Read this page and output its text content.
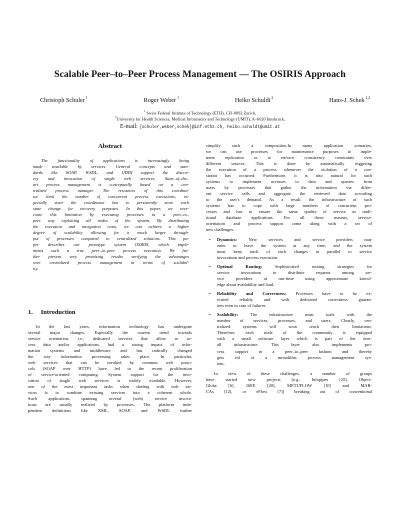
Scalable Peer–to–Peer Process Management — The OSIRIS Approach
Christoph Schuler$^1$	Roger Weber$^1$	Heiko Schuldt$^2$	Hans-J. Schek$^{1,2}$
$^1$ Swiss Federal Institute of Technology (ETH), CH–8092 Zurich,
$^2$University for Health Sciences, Medical Informatics and Technology (UMIT), A–6020 Innsbruck,
E-mail: {schuler,weber,schek}@inf.ethz.ch, heiko.schuldt@umit.at
Abstract
The functionality of applications is increasingly being
made available by services. General concepts and stan-
dards like SOAP, WSDL, and UDDI support the discov-
ery and invocation of single web services. State–of–the–
art process management is conceptually based on a cen-
tralized process manager. The resources of this coordina-
tor limit the number of concurrent process executions, es-
pecially since the coordinator has to persistently store each
state change for recovery purposes. In this paper, we over-
come this limitation by executing processes in a peer–to–
peer way exploiting all nodes of the system. By distributing
the execution and navigation costs, we can achieve a higher
degree of scalability allowing for a much larger through-
put of processes compared to centralized solutions. This pa-
per describes our prototype system OSIRIS, which imple-
ments such a true peer–to–peer process execution. We fur-
ther present very promising results verifying the advantages
over centralized process management in terms of scalabil-
ity.
1. Introduction
In the last years, information technology has undergone
several major changes. Especially the current trend towards
service orientation, i.e., dedicated services that allow to ac-
cess data and/or applications, had a strong impact of infor-
mation systems and middleware and has radically changed
the way information processing takes place. In particular,
web services that can be invoked by common web proto-
cols (SOAP over HTTP) have led to the recent proliferation
of service-oriented computing. System support for the invo-
cation of single web services is widely available. However,
one of the most important tasks when dealing with web ser-
vices is to combine existing services into a coherent whole.
Such applications spanning several (web) service invoca-
tions are usually realized by processes. The platform inde-
pendent definitions like XML, SOAP, and WSDL further
simplify such a composition.In many application scenarios,
we can use processes for maintenance purposes to imple-
ment replication or to enforce consistency constraints over
different sources. This is done by automatically triggering
the execution of a process whenever the violation of a con-
straint has occurred. Furthermore, it is also natural for such
systems to implement accesses to data and queries from
users by processes that gather the information via differ-
ent service calls and aggregate the retrieved data according
to the user's demand. As a result, the infrastructure of such
systems has to cope with large numbers of concurrent pro-
cesses and has to ensure the same quality of service as tradi-
tional database applications. For all these reasons, service-
orientation and process support come along with a set of
new challenges:
• Dynamics: New services and service providers may
enter or leave the system at any time, and the system
must keep track of such changes in parallel to service
invocations and process execution.
• Optimal Routing: Sophisticated routing strategies for
service invocations to distribute requests among ser-
vice providers at run-time using approximate knowl-
edge about availability and load.
• Reliability and Correctness: Processes have to be ex-
ecuted reliably and with dedicated correctness guaran-
tees even in case of failures.
• Scalability: The infrastructure must scale with the
number of services, processes, and users. Clearly, cen-
tralized systems will soon reach their limitations.
Therefore, each node of the community is equipped
with a small software layer which is part of the over-
all infrastructure. This layer also implements pro-
cess support in a peer–to–peer fashion and thereby
gets rid of a monolithic process management sys-
tem.
In view of these challenges, a number of groups
have started new projects (e.g., Infopipes [25], Object-
Globe [6], ISEE [20], METUFLOW [10] and MAR-
CAs [12], or eFlow [7]) breaking out of conventional
